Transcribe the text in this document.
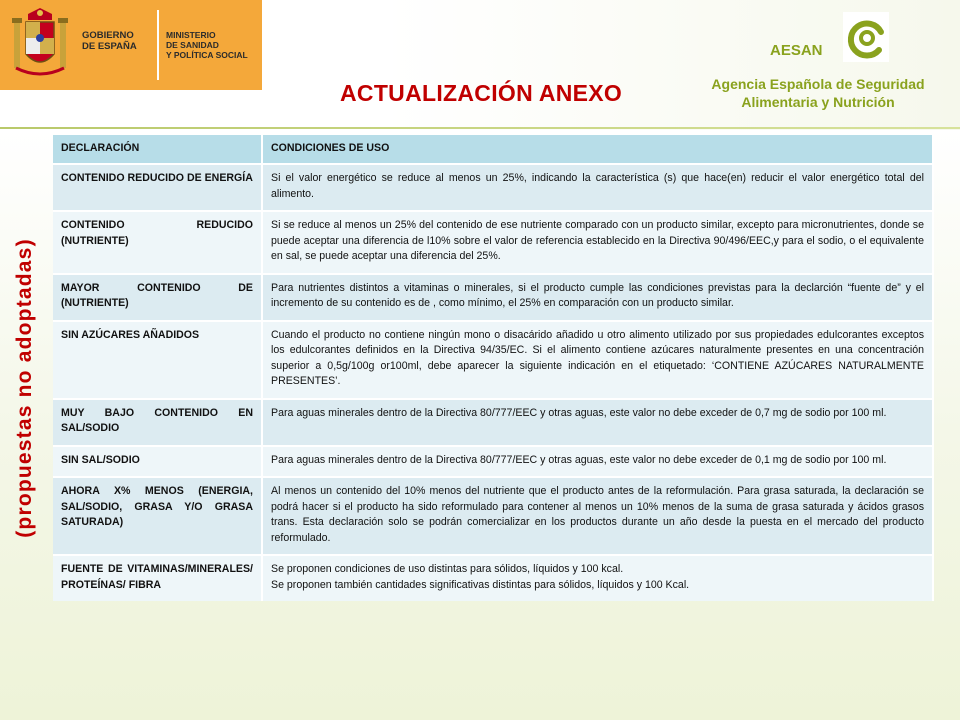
GOBIERNO
DE ESPAÑA
MINISTERIO
DE SANIDAD
Y POLÍTICA SOCIAL
ACTUALIZACIÓN ANEXO
AESAN
Agencia Española de Seguridad
Alimentaria y Nutrición
(propuestas no adoptadas)
DECLARACIÓN	CONDICIONES DE USO
CONTENIDO REDUCIDO DE ENERGÍA	Si el valor energético se reduce al menos un 25%, indicando la característica (s) que hace(en) reducir el valor energético total del alimento.

CONTENIDO REDUCIDO (NUTRIENTE)	Si se reduce al menos un 25% del contenido de ese nutriente comparado con un producto similar, excepto para micronutrientes, donde se puede aceptar una diferencia de l10% sobre el valor de referencia establecido en la Directiva 90/496/EEC,y para el sodio, o el equivalente en sal, se puede aceptar una diferencia del 25%.

MAYOR CONTENIDO DE (NUTRIENTE)	Para nutrientes distintos a vitaminas o minerales, si el producto cumple las condiciones previstas para la declarción “fuente de” y el incremento de su contenido es de , como mínimo, el 25% en comparación con un producto similar.

SIN AZÚCARES AÑADIDOS	Cuando el producto no contiene ningún mono o disacárido añadido u otro alimento utilizado por sus propiedades edulcorantes exceptos los edulcorantes definidos en la Directiva 94/35/EC. Si el alimento contiene azúcares naturalmente presentes en una concentración superior a 0,5g/100g or100ml, debe aparecer la siguiente indicación en el etiquetado: ‘CONTIENE AZÚCARES NATURALMENTE PRESENTES’.

MUY BAJO CONTENIDO EN SAL/SODIO	Para aguas minerales dentro de la Directiva 80/777/EEC y otras aguas, este valor no debe exceder de 0,7 mg de sodio por 100 ml.

SIN SAL/SODIO	Para aguas minerales dentro de la Directiva 80/777/EEC y otras aguas, este valor no debe exceder de 0,1 mg de sodio por 100 ml.

AHORA X% MENOS (ENERGIA, SAL/SODIO, GRASA Y/O GRASA SATURADA)	Al menos un contenido del 10% menos del nutriente que el producto antes de la reformulación. Para grasa saturada, la declaración se podrá hacer si el producto ha sido reformulado para contener al menos un 10% menos de la suma de grasa saturada y ácidos grasos trans. Esta declaración solo se podrán comercializar en los productos durante un año desde la puesta en el mercado del producto reformulado.

FUENTE DE VITAMINAS/MINERALES/ PROTEÍNAS/ FIBRA	Se proponen condiciones de uso distintas para sólidos, líquidos y 100 kcal.
Se proponen también cantidades significativas distintas para sólidos, líquidos y 100 Kcal.
